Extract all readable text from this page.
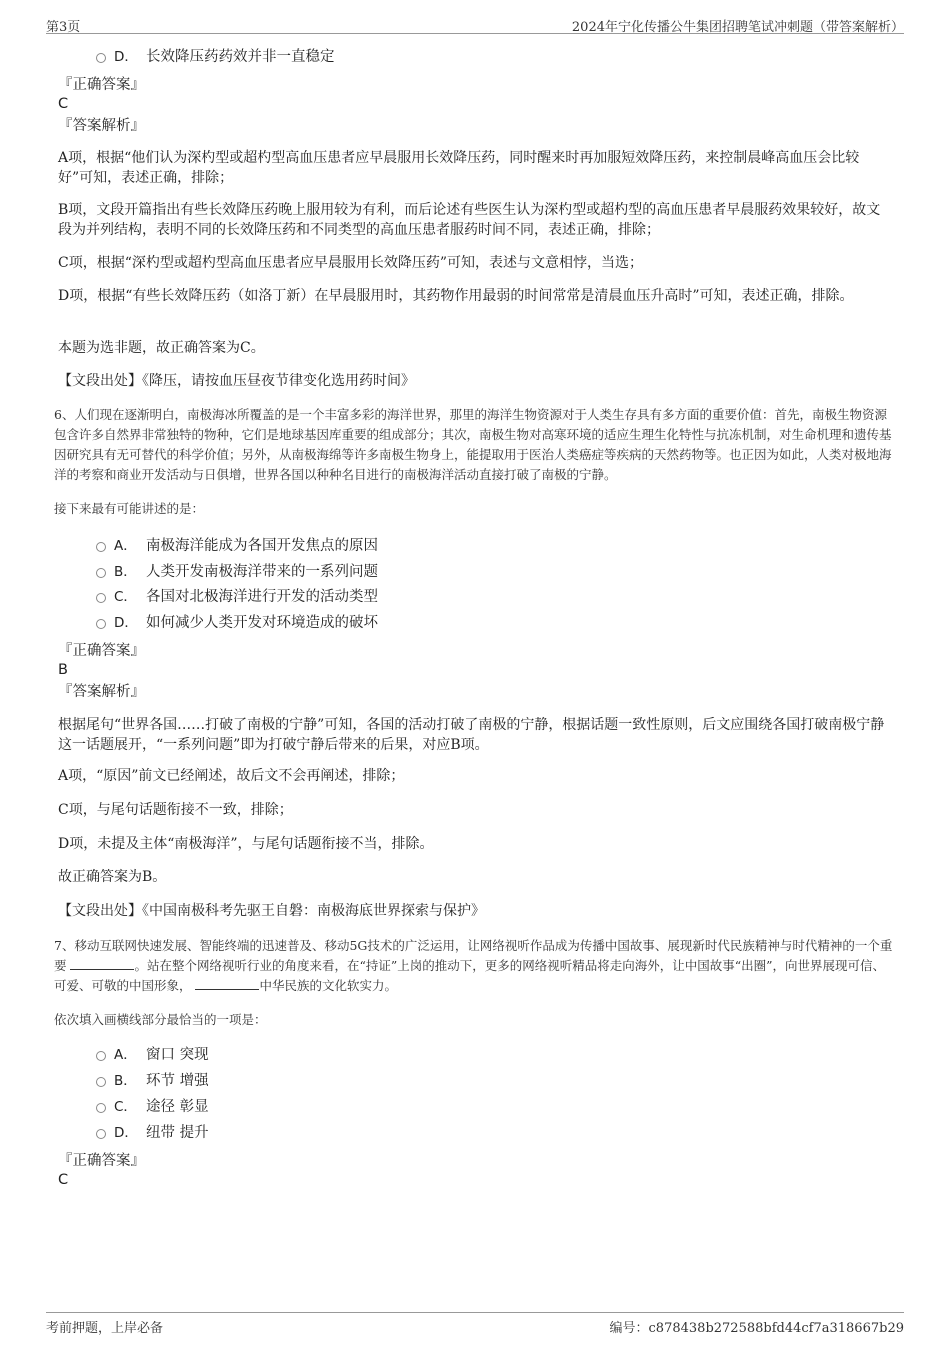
第3页	2024年宁化传播公牛集团招聘笔试冲刺题（带答案解析）
D． 长效降压药药效并非一直稳定
『正确答案』
C
『答案解析』
A项，根据“他们认为深杓型或超杓型高血压患者应早晨服用长效降压药，同时醒来时再加服短效降压药，来控制晨峰高血压会比较好”可知，表述正确，排除；
B项，文段开篇指出有些长效降压药晚上服用较为有利，而后论述有些医生认为深杓型或超杓型的高血压患者早晨服药效果较好，故文段为并列结构，表明不同的长效降压药和不同类型的高血压患者服药时间不同，表述正确，排除；
C项，根据“深杓型或超杓型高血压患者应早晨服用长效降压药”可知，表述与文意相悖，当选；
D项，根据“有些长效降压药（如洛丁新）在早晨服用时，其药物作用最弱的时间常常是清晨血压升高时”可知，表述正确，排除。
本题为选非题，故正确答案为C。
【文段出处】《降压，请按血压昼夜节律变化选用药时间》
6、人们现在逐渐明白，南极海冰所覆盖的是一个丰富多彩的海洋世界，那里的海洋生物资源对于人类生存具有多方面的重要价值：首先，南极生物资源包含许多自然界非常独特的物种，它们是地球基因库重要的组成部分；其次，南极生物对高寒环境的适应生理生化特性与抗冻机制，对生命机理和遗传基因研究具有无可替代的科学价值；另外，从南极海绵等许多南极生物身上，能提取用于医治人类癌症等疾病的天然药物等。也正因为如此，人类对极地海洋的考察和商业开发活动与日俱增，世界各国以种种名目进行的南极海洋活动直接打破了南极的宁静。
接下来最有可能讲述的是：
A． 南极海洋能成为各国开发焦点的原因
B． 人类开发南极海洋带来的一系列问题
C． 各国对北极海洋进行开发的活动类型
D． 如何减少人类开发对环境造成的破坏
『正确答案』
B
『答案解析』
根据尾句“世界各国……打破了南极的宁静”可知，各国的活动打破了南极的宁静，根据话题一致性原则，后文应围绕各国打破南极宁静这一话题展开，“一系列问题”即为打破宁静后带来的后果，对应B项。
A项，“原因”前文已经阐述，故后文不会再阐述，排除；
C项，与尾句话题衔接不一致，排除；
D项，未提及主体“南极海洋”，与尾句话题衔接不当，排除。
故正确答案为B。
【文段出处】《中国南极科考先驱王自磐：南极海底世界探索与保护》
7、移动互联网快速发展、智能终端的迅速普及、移动5G技术的广泛运用，让网络视听作品成为传播中国故事、展现新时代民族精神与时代精神的一个重要	。站在整个网络视听行业的角度来看，在“持证”上岗的推动下，更多的网络视听精品将走向海外，让中国故事“出圈”，向世界展现可信、可爱、可敬的中国形象，	中华民族的文化软实力。
依次填入画横线部分最恰当的一项是：
A． 窗口 突现
B． 环节 增强
C． 途径 彰显
D． 纽带 提升
『正确答案』
C
考前押题，上岸必备	编号：c878438b272588bfd44cf7a318667b29
